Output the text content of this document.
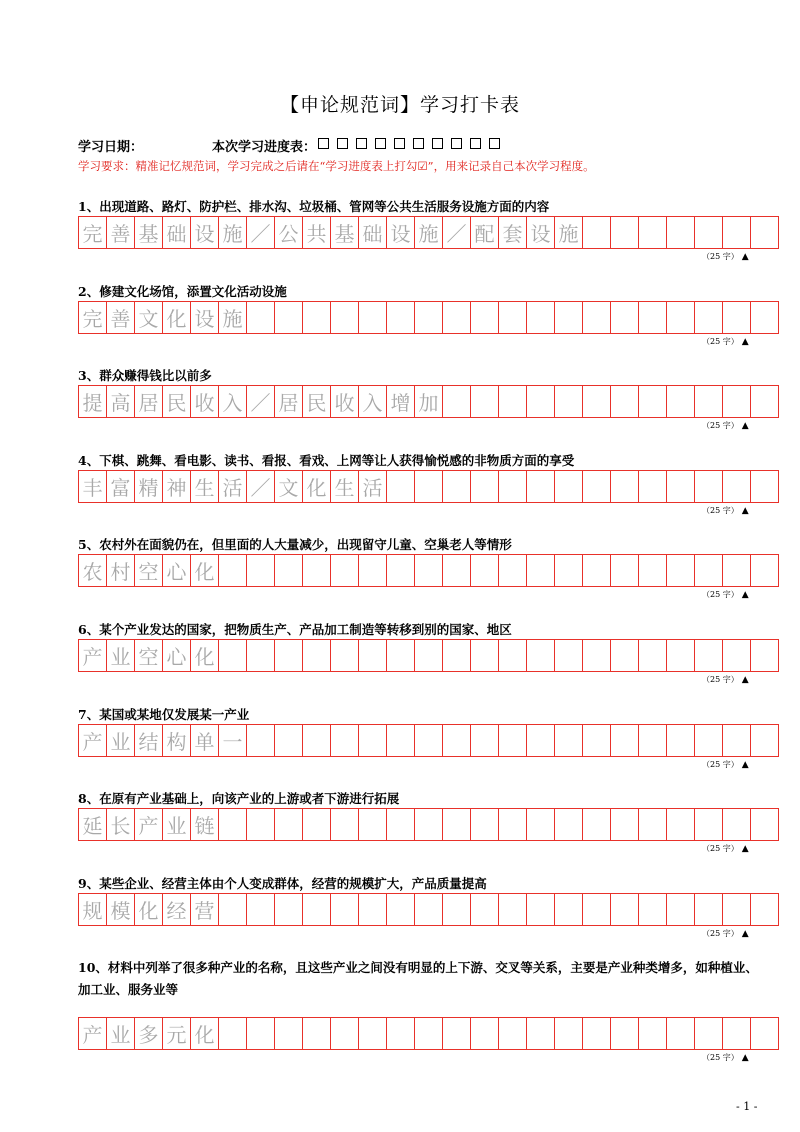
【申论规范词】学习打卡表
学习日期：	本次学习进度表：
学习要求：精准记忆规范词，学习完成之后请在“学习进度表上打勾☑”，用来记录自己本次学习程度。
1、出现道路、路灯、防护栏、排水沟、垃圾桶、管网等公共生活服务设施方面的内容
完 善 基 础 设 施 ／ 公 共 基 础 设 施 ／ 配 套 设 施
（25 字） ▲
2、修建文化场馆，添置文化活动设施
完 善 文 化 设 施
（25 字） ▲
3、群众赚得钱比以前多
提 高 居 民 收 入 ／ 居 民 收 入 增 加
（25 字） ▲
4、下棋、跳舞、看电影、读书、看报、看戏、上网等让人获得愉悦感的非物质方面的享受
丰 富 精 神 生 活 ／ 文 化 生 活
（25 字） ▲
5、农村外在面貌仍在，但里面的人大量减少，出现留守儿童、空巢老人等情形
农 村 空 心 化
（25 字） ▲
6、某个产业发达的国家，把物质生产、产品加工制造等转移到别的国家、地区
产 业 空 心 化
（25 字） ▲
7、某国或某地仅发展某一产业
产 业 结 构 单 一
（25 字） ▲
8、在原有产业基础上，向该产业的上游或者下游进行拓展
延 长 产 业 链
（25 字） ▲
9、某些企业、经营主体由个人变成群体，经营的规模扩大，产品质量提高
规 模 化 经 营
（25 字） ▲
10、材料中列举了很多种产业的名称，且这些产业之间没有明显的上下游、交叉等关系，主要是产业种类增多，如种植业、加工业、服务业等
产 业 多 元 化
（25 字） ▲
- 1 -
